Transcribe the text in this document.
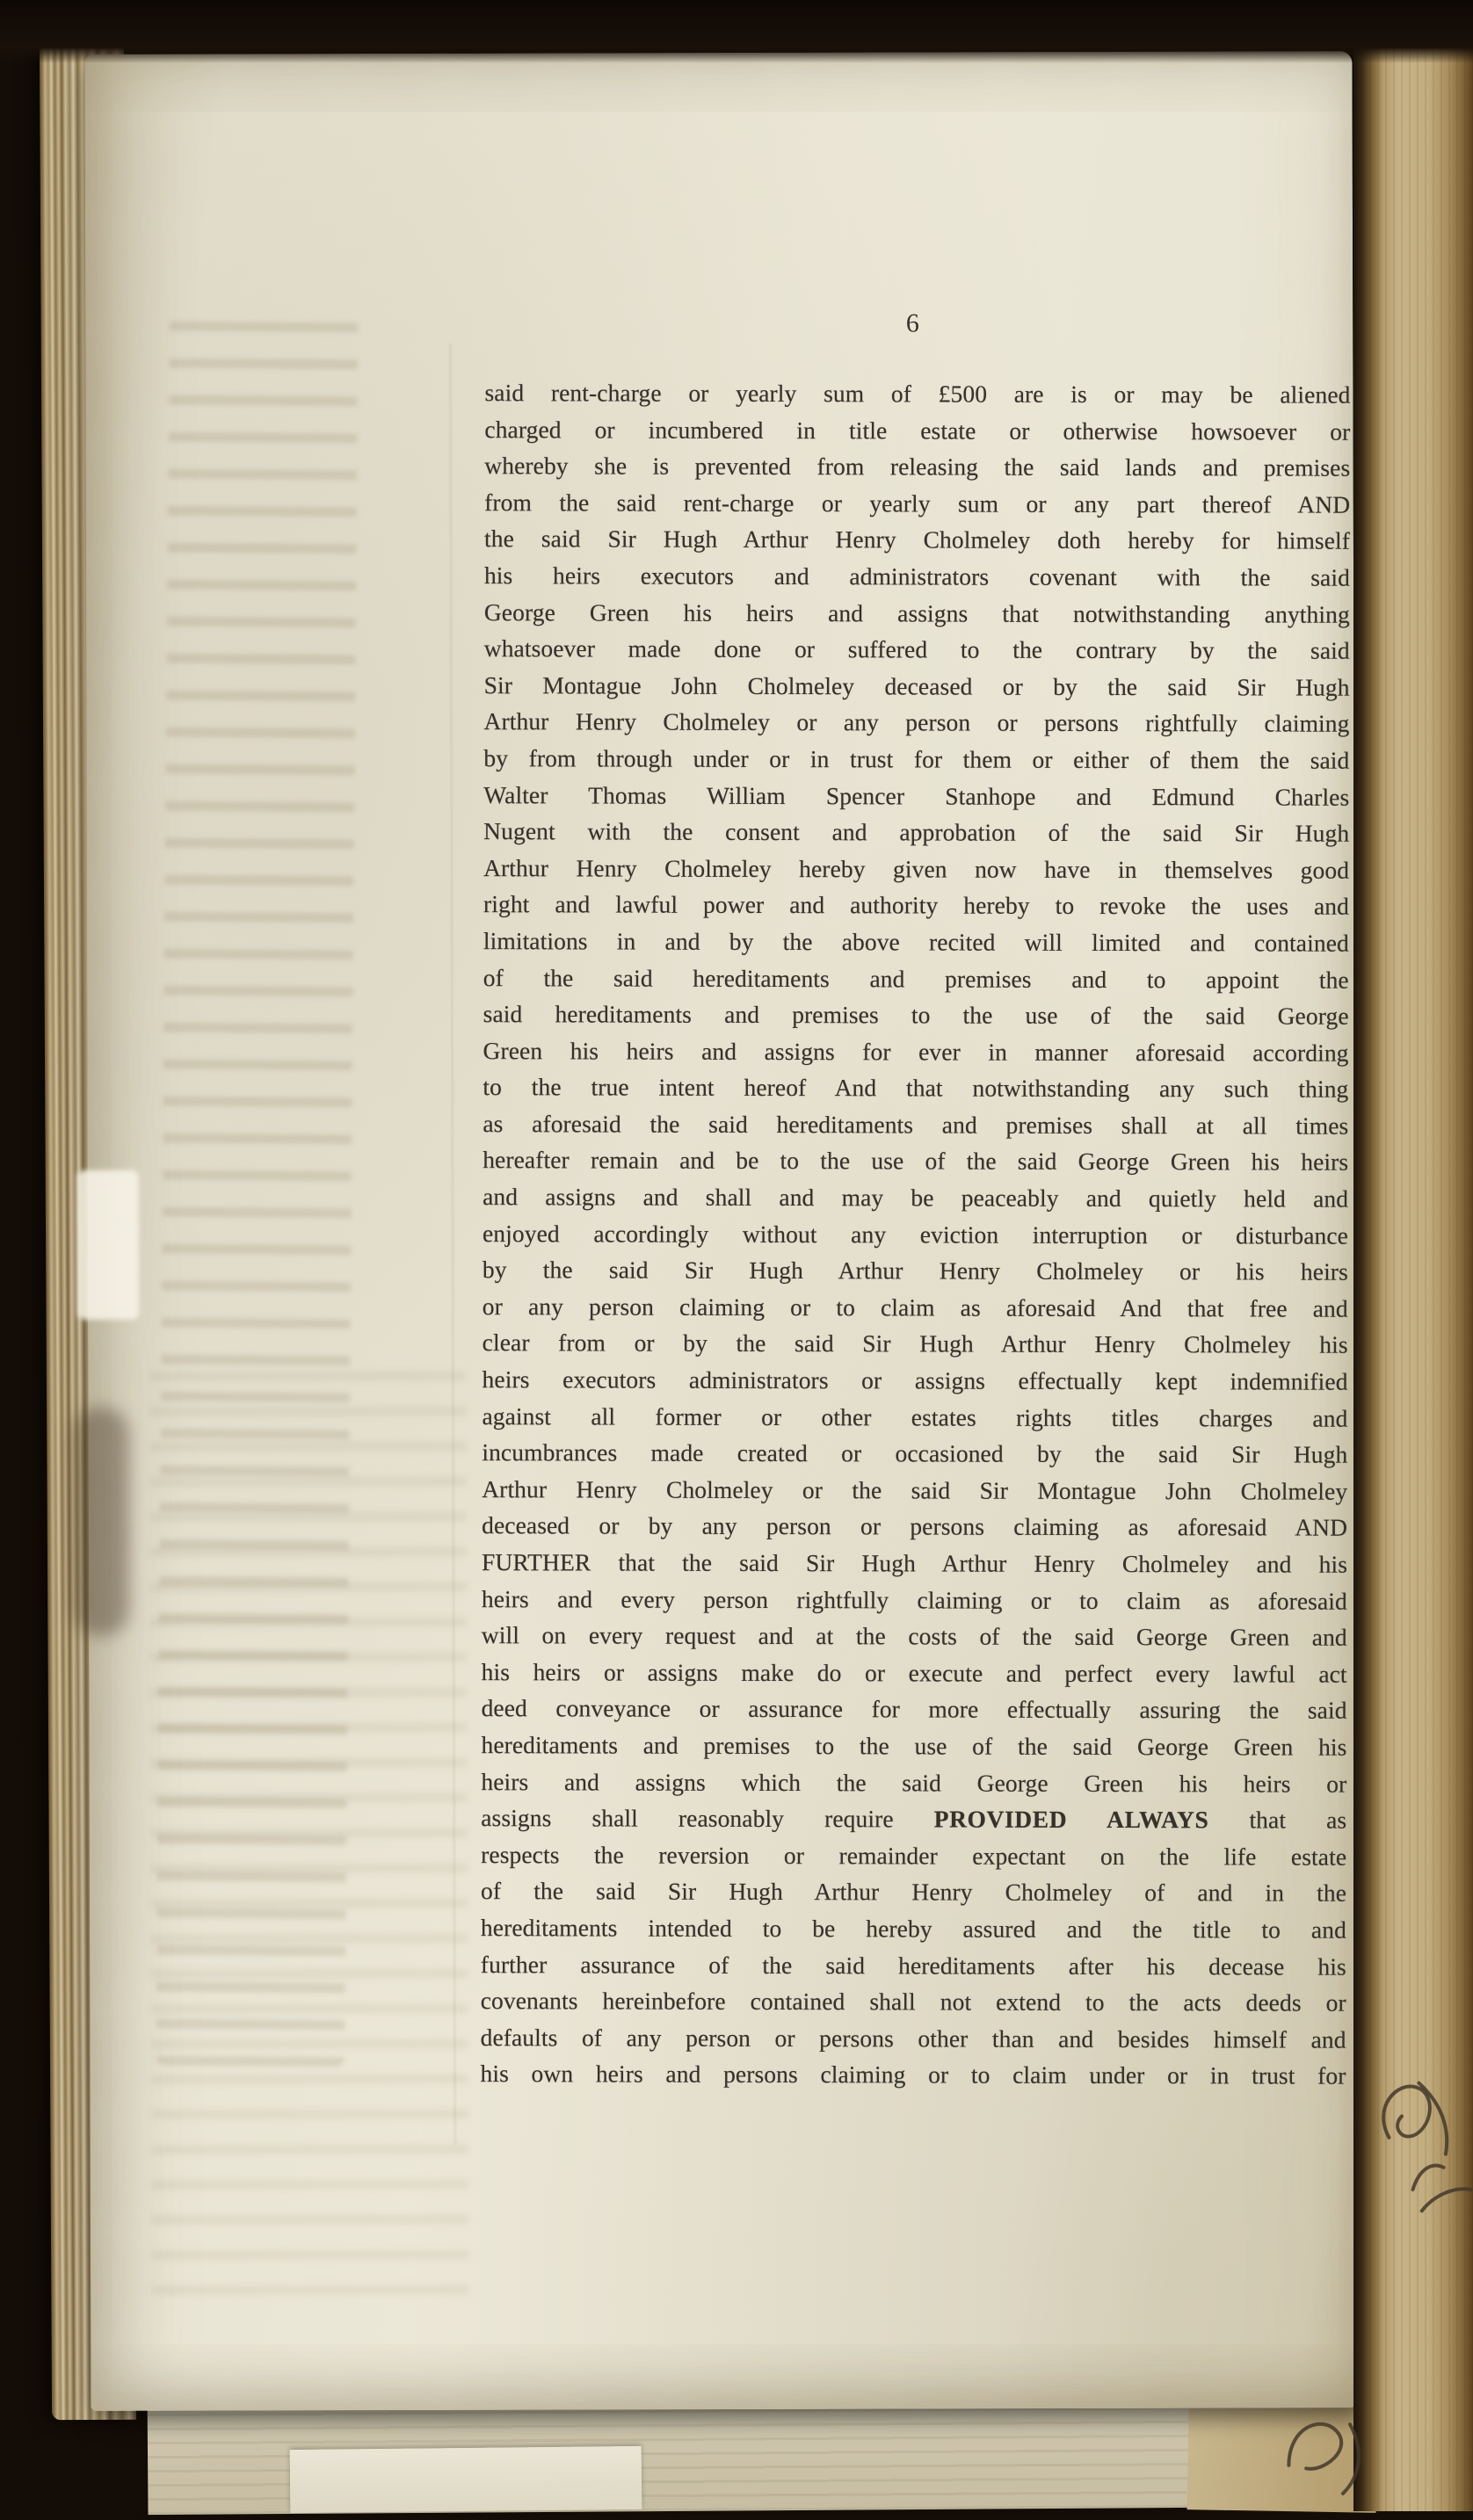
6
said rent-charge or yearly sum of £500 are is or may be aliened
charged or incumbered in title estate or otherwise howsoever or
whereby she is prevented from releasing the said lands and premises
from the said rent-charge or yearly sum or any part thereof AND
the said Sir Hugh Arthur Henry Cholmeley doth hereby for himself
his heirs executors and administrators covenant with the said
George Green his heirs and assigns that notwithstanding anything
whatsoever made done or suffered to the contrary by the said
Sir Montague John Cholmeley deceased or by the said Sir Hugh
Arthur Henry Cholmeley or any person or persons rightfully claiming
by from through under or in trust for them or either of them the said
Walter Thomas William Spencer Stanhope and Edmund Charles
Nugent with the consent and approbation of the said Sir Hugh
Arthur Henry Cholmeley hereby given now have in themselves good
right and lawful power and authority hereby to revoke the uses and
limitations in and by the above recited will limited and contained
of the said hereditaments and premises and to appoint the
said hereditaments and premises to the use of the said George
Green his heirs and assigns for ever in manner aforesaid according
to the true intent hereof And that notwithstanding any such thing
as aforesaid the said hereditaments and premises shall at all times
hereafter remain and be to the use of the said George Green his heirs
and assigns and shall and may be peaceably and quietly held and
enjoyed accordingly without any eviction interruption or disturbance
by the said Sir Hugh Arthur Henry Cholmeley or his heirs
or any person claiming or to claim as aforesaid And that free and
clear from or by the said Sir Hugh Arthur Henry Cholmeley his
heirs executors administrators or assigns effectually kept indemnified
against all former or other estates rights titles charges and
incumbrances made created or occasioned by the said Sir Hugh
Arthur Henry Cholmeley or the said Sir Montague John Cholmeley
deceased or by any person or persons claiming as aforesaid AND
FURTHER that the said Sir Hugh Arthur Henry Cholmeley and his
heirs and every person rightfully claiming or to claim as aforesaid
will on every request and at the costs of the said George Green and
his heirs or assigns make do or execute and perfect every lawful act
deed conveyance or assurance for more effectually assuring the said
hereditaments and premises to the use of the said George Green his
heirs and assigns which the said George Green his heirs or
assigns shall reasonably require PROVIDED ALWAYS that as
respects the reversion or remainder expectant on the life estate
of the said Sir Hugh Arthur Henry Cholmeley of and in the
hereditaments intended to be hereby assured and the title to and
further assurance of the said hereditaments after his decease his
covenants hereinbefore contained shall not extend to the acts deeds or
defaults of any person or persons other than and besides himself and
his own heirs and persons claiming or to claim under or in trust for
